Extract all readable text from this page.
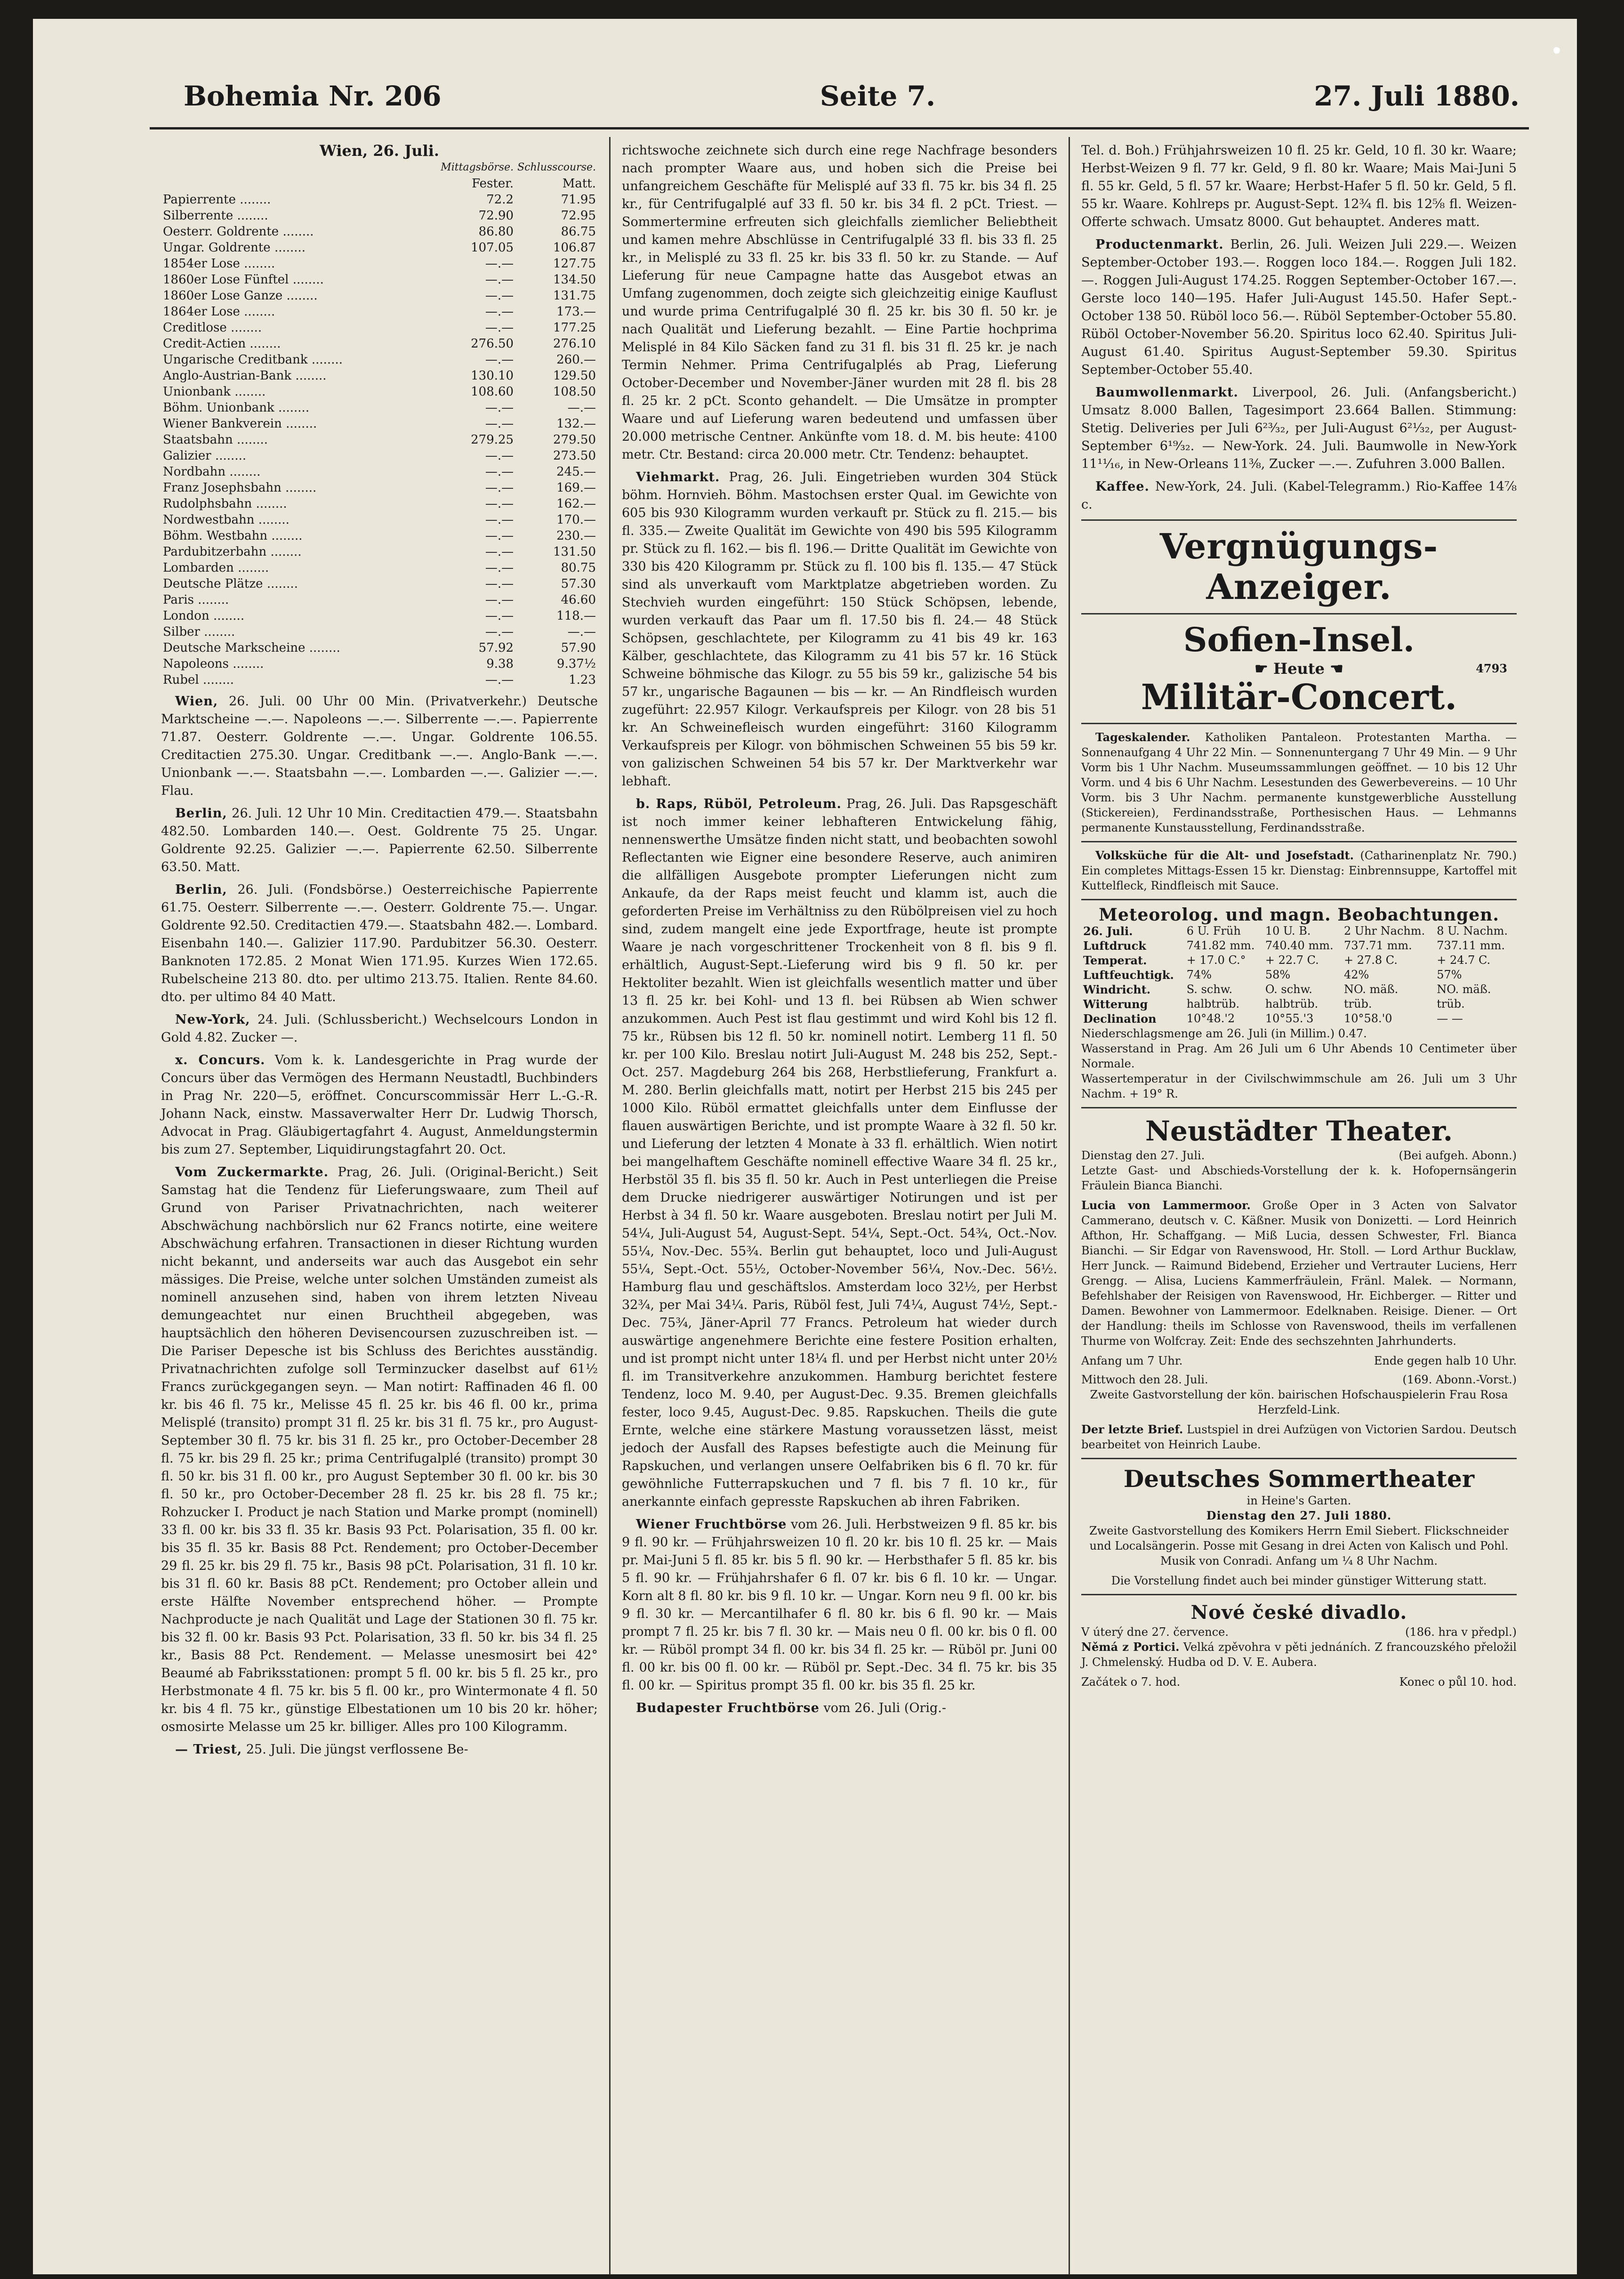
Bohemia Nr. 206	Seite 7.	27. Juli 1880.
Wien, 26. Juli.
	Mittagsbörse.	Schlusscourse.
	Fester.	Matt.
Papierrente ........	72.2	71.95
Silberrente ........	72.90	72.95
Oesterr. Goldrente ........	86.80	86.75
Ungar. Goldrente ........	107.05	106.87
1854er Lose ........	—.—	127.75
1860er Lose Fünftel ........	—.—	134.50
1860er Lose Ganze ........	—.—	131.75
1864er Lose ........	—.—	173.—
Creditlose ........	—.—	177.25
Credit-Actien ........	276.50	276.10
Ungarische Creditbank ........	—.—	260.—
Anglo-Austrian-Bank ........	130.10	129.50
Unionbank ........	108.60	108.50
Böhm. Unionbank ........	—.—	—.—
Wiener Bankverein ........	—.—	132.—
Staatsbahn ........	279.25	279.50
Galizier ........	—.—	273.50
Nordbahn ........	—.—	245.—
Franz Josephsbahn ........	—.—	169.—
Rudolphsbahn ........	—.—	162.—
Nordwestbahn ........	—.—	170.—
Böhm. Westbahn ........	—.—	230.—
Pardubitzerbahn ........	—.—	131.50
Lombarden ........	—.—	80.75
Deutsche Plätze ........	—.—	57.30
Paris ........	—.—	46.60
London ........	—.—	118.—
Silber ........	—.—	—.—
Deutsche Markscheine ........	57.92	57.90
Napoleons ........	9.38	9.37½
Rubel ........	—.—	1.23

Wien, 26. Juli. 00 Uhr 00 Min. (Privatverkehr.) Deutsche Marktscheine —.—. Napoleons —.—. Silberrente —.—. Papierrente 71.87. Oesterr. Goldrente —.—. Ungar. Goldrente 106.55. Creditactien 275.30. Ungar. Creditbank —.—. Anglo-Bank —.—. Unionbank —.—. Staatsbahn —.—. Lombarden —.—. Galizier —.—. Flau.

Berlin, 26. Juli. 12 Uhr 10 Min. Creditactien 479.—. Staatsbahn 482.50. Lombarden 140.—. Oest. Goldrente 75 25. Ungar. Goldrente 92.25. Galizier —.—. Papierrente 62.50. Silberrente 63.50. Matt.

Berlin, 26. Juli. (Fondsbörse.) Oesterreichische Papierrente 61.75. Oesterr. Silberrente —.—. Oesterr. Goldrente 75.—. Ungar. Goldrente 92.50. Creditactien 479.—. Staatsbahn 482.—. Lombard. Eisenbahn 140.—. Galizier 117.90. Pardubitzer 56.30. Oesterr. Banknoten 172.85. 2 Monat Wien 171.95. Kurzes Wien 172.65. Rubelscheine 213 80. dto. per ultimo 213.75. Italien. Rente 84.60. dto. per ultimo 84 40 Matt.

New-York, 24. Juli. (Schlussbericht.) Wechselcours London in Gold 4.82. Zucker —.

x. Concurs. Vom k. k. Landesgerichte in Prag wurde der Concurs über das Vermögen des Hermann Neustadtl, Buchbinders in Prag Nr. 220—5, eröffnet. Concurscommissär Herr L.-G.-R. Johann Nack, einstw. Massaverwalter Herr Dr. Ludwig Thorsch, Advocat in Prag. Gläubigertagfahrt 4. August, Anmeldungstermin bis zum 27. September, Liquidirungstagfahrt 20. Oct.

Vom Zuckermarkte. Prag, 26. Juli. (Original-Bericht.) Seit Samstag hat die Tendenz für Lieferungswaare, zum Theil auf Grund von Pariser Privatnachrichten, nach weiterer Abschwächung nachbörslich nur 62 Francs notirte, eine weitere Abschwächung erfahren. Transactionen in dieser Richtung wurden nicht bekannt, und anderseits war auch das Ausgebot ein sehr mässiges. Die Preise, welche unter solchen Umständen zumeist als nominell anzusehen sind, haben von ihrem letzten Niveau demungeachtet nur einen Bruchtheil abgegeben, was hauptsächlich den höheren Devisencoursen zuzuschreiben ist. — Die Pariser Depesche ist bis Schluss des Berichtes ausständig. Privatnachrichten zufolge soll Terminzucker daselbst auf 61½ Francs zurückgegangen seyn. — Man notirt: Raffinaden 46 fl. 00 kr. bis 46 fl. 75 kr., Melisse 45 fl. 25 kr. bis 46 fl. 00 kr., prima Melisplé (transito) prompt 31 fl. 25 kr. bis 31 fl. 75 kr., pro August-September 30 fl. 75 kr. bis 31 fl. 25 kr., pro October-December 28 fl. 75 kr. bis 29 fl. 25 kr.; prima Centrifugalplé (transito) prompt 30 fl. 50 kr. bis 31 fl. 00 kr., pro August September 30 fl. 00 kr. bis 30 fl. 50 kr., pro October-December 28 fl. 25 kr. bis 28 fl. 75 kr.; Rohzucker I. Product je nach Station und Marke prompt (nominell) 33 fl. 00 kr. bis 33 fl. 35 kr. Basis 93 Pct. Polarisation, 35 fl. 00 kr. bis 35 fl. 35 kr. Basis 88 Pct. Rendement; pro October-December 29 fl. 25 kr. bis 29 fl. 75 kr., Basis 98 pCt. Polarisation, 31 fl. 10 kr. bis 31 fl. 60 kr. Basis 88 pCt. Rendement; pro October allein und erste Hälfte November entsprechend höher. — Prompte Nachproducte je nach Qualität und Lage der Stationen 30 fl. 75 kr. bis 32 fl. 00 kr. Basis 93 Pct. Polarisation, 33 fl. 50 kr. bis 34 fl. 25 kr., Basis 88 Pct. Rendement. — Melasse unesmosirt bei 42° Beaumé ab Fabriksstationen: prompt 5 fl. 00 kr. bis 5 fl. 25 kr., pro Herbstmonate 4 fl. 75 kr. bis 5 fl. 00 kr., pro Wintermonate 4 fl. 50 kr. bis 4 fl. 75 kr., günstige Elbestationen um 10 bis 20 kr. höher; osmosirte Melasse um 25 kr. billiger. Alles pro 100 Kilogramm.

— Triest, 25. Juli. Die jüngst verflossene Be-

richtswoche zeichnete sich durch eine rege Nachfrage besonders nach prompter Waare aus, und hoben sich die Preise bei unfangreichem Geschäfte für Melisplé auf 33 fl. 75 kr. bis 34 fl. 25 kr., für Centrifugalplé auf 33 fl. 50 kr. bis 34 fl. 2 pCt. Triest. — Sommertermine erfreuten sich gleichfalls ziemlicher Beliebtheit und kamen mehre Abschlüsse in Centrifugalplé 33 fl. bis 33 fl. 25 kr., in Melisplé zu 33 fl. 25 kr. bis 33 fl. 50 kr. zu Stande. — Auf Lieferung für neue Campagne hatte das Ausgebot etwas an Umfang zugenommen, doch zeigte sich gleichzeitig einige Kauflust und wurde prima Centrifugalplé 30 fl. 25 kr. bis 30 fl. 50 kr. je nach Qualität und Lieferung bezahlt. — Eine Partie hochprima Melisplé in 84 Kilo Säcken fand zu 31 fl. bis 31 fl. 25 kr. je nach Termin Nehmer. Prima Centrifugalplés ab Prag, Lieferung October-December und November-Jäner wurden mit 28 fl. bis 28 fl. 25 kr. 2 pCt. Sconto gehandelt. — Die Umsätze in prompter Waare und auf Lieferung waren bedeutend und umfassen über 20.000 metrische Centner. Ankünfte vom 18. d. M. bis heute: 4100 metr. Ctr. Bestand: circa 20.000 metr. Ctr. Tendenz: behauptet.

Viehmarkt. Prag, 26. Juli. Eingetrieben wurden 304 Stück böhm. Hornvieh. Böhm. Mastochsen erster Qual. im Gewichte von 605 bis 930 Kilogramm wurden verkauft pr. Stück zu fl. 215.— bis fl. 335.— Zweite Qualität im Gewichte von 490 bis 595 Kilogramm pr. Stück zu fl. 162.— bis fl. 196.— Dritte Qualität im Gewichte von 330 bis 420 Kilogramm pr. Stück zu fl. 100 bis fl. 135.— 47 Stück sind als unverkauft vom Marktplatze abgetrieben worden. Zu Stechvieh wurden eingeführt: 150 Stück Schöpsen, lebende, wurden verkauft das Paar um fl. 17.50 bis fl. 24.— 48 Stück Schöpsen, geschlachtete, per Kilogramm zu 41 bis 49 kr. 163 Kälber, geschlachtete, das Kilogramm zu 41 bis 57 kr. 16 Stück Schweine böhmische das Kilogr. zu 55 bis 59 kr., galizische 54 bis 57 kr., ungarische Bagaunen — bis — kr. — An Rindfleisch wurden zugeführt: 22.957 Kilogr. Verkaufspreis per Kilogr. von 28 bis 51 kr. An Schweinefleisch wurden eingeführt: 3160 Kilogramm Verkaufspreis per Kilogr. von böhmischen Schweinen 55 bis 59 kr. von galizischen Schweinen 54 bis 57 kr. Der Marktverkehr war lebhaft.

b. Raps, Rüböl, Petroleum. Prag, 26. Juli. Das Rapsgeschäft ist noch immer keiner lebhafteren Entwickelung fähig, nennenswerthe Umsätze finden nicht statt, und beobachten sowohl Reflectanten wie Eigner eine besondere Reserve, auch animiren die allfälligen Ausgebote prompter Lieferungen nicht zum Ankaufe, da der Raps meist feucht und klamm ist, auch die geforderten Preise im Verhältniss zu den Rübölpreisen viel zu hoch sind, zudem mangelt eine jede Exportfrage, heute ist prompte Waare je nach vorgeschrittener Trockenheit von 8 fl. bis 9 fl. erhältlich, August-Sept.-Lieferung wird bis 9 fl. 50 kr. per Hektoliter bezahlt. Wien ist gleichfalls wesentlich matter und über 13 fl. 25 kr. bei Kohl- und 13 fl. bei Rübsen ab Wien schwer anzukommen. Auch Pest ist flau gestimmt und wird Kohl bis 12 fl. 75 kr., Rübsen bis 12 fl. 50 kr. nominell notirt. Lemberg 11 fl. 50 kr. per 100 Kilo. Breslau notirt Juli-August M. 248 bis 252, Sept.-Oct. 257. Magdeburg 264 bis 268, Herbstlieferung, Frankfurt a. M. 280. Berlin gleichfalls matt, notirt per Herbst 215 bis 245 per 1000 Kilo. Rüböl ermattet gleichfalls unter dem Einflusse der flauen auswärtigen Berichte, und ist prompte Waare à 32 fl. 50 kr. und Lieferung der letzten 4 Monate à 33 fl. erhältlich. Wien notirt bei mangelhaftem Geschäfte nominell effective Waare 34 fl. 25 kr., Herbstöl 35 fl. bis 35 fl. 50 kr. Auch in Pest unterliegen die Preise dem Drucke niedrigerer auswärtiger Notirungen und ist per Herbst à 34 fl. 50 kr. Waare ausgeboten. Breslau notirt per Juli M. 54¼, Juli-August 54, August-Sept. 54¼, Sept.-Oct. 54¾, Oct.-Nov. 55¼, Nov.-Dec. 55¾. Berlin gut behauptet, loco und Juli-August 55¼, Sept.-Oct. 55½, October-November 56¼, Nov.-Dec. 56½. Hamburg flau und geschäftslos. Amsterdam loco 32½, per Herbst 32¾, per Mai 34¼. Paris, Rüböl fest, Juli 74¼, August 74½, Sept.-Dec. 75¾, Jäner-April 77 Francs. Petroleum hat wieder durch auswärtige angenehmere Berichte eine festere Position erhalten, und ist prompt nicht unter 18¼ fl. und per Herbst nicht unter 20½ fl. im Transitverkehre anzukommen. Hamburg berichtet festere Tendenz, loco M. 9.40, per August-Dec. 9.35. Bremen gleichfalls fester, loco 9.45, August-Dec. 9.85. Rapskuchen. Theils die gute Ernte, welche eine stärkere Mastung voraussetzen lässt, meist jedoch der Ausfall des Rapses befestigte auch die Meinung für Rapskuchen, und verlangen unsere Oelfabriken bis 6 fl. 70 kr. für gewöhnliche Futterrapskuchen und 7 fl. bis 7 fl. 10 kr., für anerkannte einfach gepresste Rapskuchen ab ihren Fabriken.

Wiener Fruchtbörse vom 26. Juli. Herbstweizen 9 fl. 85 kr. bis 9 fl. 90 kr. — Frühjahrsweizen 10 fl. 20 kr. bis 10 fl. 25 kr. — Mais pr. Mai-Juni 5 fl. 85 kr. bis 5 fl. 90 kr. — Herbsthafer 5 fl. 85 kr. bis 5 fl. 90 kr. — Frühjahrshafer 6 fl. 07 kr. bis 6 fl. 10 kr. — Ungar. Korn alt 8 fl. 80 kr. bis 9 fl. 10 kr. — Ungar. Korn neu 9 fl. 00 kr. bis 9 fl. 30 kr. — Mercantilhafer 6 fl. 80 kr. bis 6 fl. 90 kr. — Mais prompt 7 fl. 25 kr. bis 7 fl. 30 kr. — Mais neu 0 fl. 00 kr. bis 0 fl. 00 kr. — Rüböl prompt 34 fl. 00 kr. bis 34 fl. 25 kr. — Rüböl pr. Juni 00 fl. 00 kr. bis 00 fl. 00 kr. — Rüböl pr. Sept.-Dec. 34 fl. 75 kr. bis 35 fl. 00 kr. — Spiritus prompt 35 fl. 00 kr. bis 35 fl. 25 kr.

Budapester Fruchtbörse vom 26. Juli (Orig.-

Tel. d. Boh.) Frühjahrsweizen 10 fl. 25 kr. Geld, 10 fl. 30 kr. Waare; Herbst-Weizen 9 fl. 77 kr. Geld, 9 fl. 80 kr. Waare; Mais Mai-Juni 5 fl. 55 kr. Geld, 5 fl. 57 kr. Waare; Herbst-Hafer 5 fl. 50 kr. Geld, 5 fl. 55 kr. Waare. Kohlreps pr. August-Sept. 12¾ fl. bis 12⅝ fl. Weizen-Offerte schwach. Umsatz 8000. Gut behauptet. Anderes matt.

Productenmarkt. Berlin, 26. Juli. Weizen Juli 229.—. Weizen September-October 193.—. Roggen loco 184.—. Roggen Juli 182.—. Roggen Juli-August 174.25. Roggen September-October 167.—. Gerste loco 140—195. Hafer Juli-August 145.50. Hafer Sept.-October 138 50. Rüböl loco 56.—. Rüböl September-October 55.80. Rüböl October-November 56.20. Spiritus loco 62.40. Spiritus Juli-August 61.40. Spiritus August-September 59.30. Spiritus September-October 55.40.

Baumwollenmarkt. Liverpool, 26. Juli. (Anfangsbericht.) Umsatz 8.000 Ballen, Tagesimport 23.664 Ballen. Stimmung: Stetig. Deliveries per Juli 6²³⁄₃₂, per Juli-August 6²¹⁄₃₂, per August-September 6¹⁹⁄₃₂. — New-York. 24. Juli. Baumwolle in New-York 11¹¹⁄₁₆, in New-Orleans 11⅜, Zucker —.—. Zufuhren 3.000 Ballen.

Kaffee. New-York, 24. Juli. (Kabel-Telegramm.) Rio-Kaffee 14⅞ c.

Vergnügungs-Anzeiger.
Sofien-Insel.
☛ Heute ☚	4793
Militär-Concert.

Tageskalender. Katholiken Pantaleon. Protestanten Martha. — Sonnenaufgang 4 Uhr 22 Min. — Sonnenuntergang 7 Uhr 49 Min. — 9 Uhr Vorm bis 1 Uhr Nachm. Museumssammlungen geöffnet. — 10 bis 12 Uhr Vorm. und 4 bis 6 Uhr Nachm. Lesestunden des Gewerbevereins. — 10 Uhr Vorm. bis 3 Uhr Nachm. permanente kunstgewerbliche Ausstellung (Stickereien), Ferdinandsstraße, Porthesischen Haus. — Lehmanns permanente Kunstausstellung, Ferdinandsstraße.

Volksküche für die Alt- und Josefstadt. (Catharinenplatz Nr. 790.) Ein completes Mittags-Essen 15 kr. Dienstag: Einbrennsuppe, Kartoffel mit Kuttelfleck, Rindfleisch mit Sauce.

Meteorolog. und magn. Beobachtungen.
26. Juli.	6 U. Früh	10 U. B.	2 Uhr Nachm.	8 U. Nachm.
Luftdruck	741.82 mm.	740.40 mm.	737.71 mm.	737.11 mm.
Temperat.	+ 17.0 C.°	+ 22.7 C.	+ 27.8 C.	+ 24.7 C.
Luftfeuchtigk.	74%	58%	42%	57%
Windricht.	S. schw.	O. schw.	NO. mäß.	NO. mäß.
Witterung	halbtrüb.	halbtrüb.	trüb.	trüb.
Declination	10°48.'2	10°55.'3	10°58.'0	— —
Niederschlagsmenge am 26. Juli (in Millim.) 0.47.
Wasserstand in Prag. Am 26 Juli um 6 Uhr Abends 10 Centimeter über Normale.
Wassertemperatur in der Civilschwimmschule am 26. Juli um 3 Uhr Nachm. + 19° R.
Neustädter Theater.
Dienstag den 27. Juli.	(Bei aufgeh. Abonn.)

Letzte Gast- und Abschieds-Vorstellung der k. k. Hofopernsängerin Fräulein Bianca Bianchi.

Lucia von Lammermoor. Große Oper in 3 Acten von Salvator Cammerano, deutsch v. C. Käßner. Musik von Donizetti. — Lord Heinrich Afthon, Hr. Schaffgang. — Miß Lucia, dessen Schwester, Frl. Bianca Bianchi. — Sir Edgar von Ravenswood, Hr. Stoll. — Lord Arthur Bucklaw, Herr Junck. — Raimund Bidebend, Erzieher und Vertrauter Luciens, Herr Grengg. — Alisa, Luciens Kammerfräulein, Fränl. Malek. — Normann, Befehlshaber der Reisigen von Ravenswood, Hr. Eichberger. — Ritter und Damen. Bewohner von Lammermoor. Edelknaben. Reisige. Diener. — Ort der Handlung: theils im Schlosse von Ravenswood, theils im verfallenen Thurme von Wolfcray. Zeit: Ende des sechszehnten Jahrhunderts.

Anfang um 7 Uhr.	Ende gegen halb 10 Uhr.
Mittwoch den 28. Juli.	(169. Abonn.-Vorst.)

Zweite Gastvorstellung der kön. bairischen Hofschauspielerin Frau Rosa Herzfeld-Link.

Der letzte Brief. Lustspiel in drei Aufzügen von Victorien Sardou. Deutsch bearbeitet von Heinrich Laube.

Deutsches Sommertheater
in Heine's Garten.
Dienstag den 27. Juli 1880.

Zweite Gastvorstellung des Komikers Herrn Emil Siebert. Flickschneider und Localsängerin. Posse mit Gesang in drei Acten von Kalisch und Pohl. Musik von Conradi. Anfang um ¼ 8 Uhr Nachm.

Die Vorstellung findet auch bei minder günstiger Witterung statt.

Nové české divadlo.
V úterý dne 27. července.	(186. hra v předpl.)

Němá z Portici. Velká zpěvohra v pěti jednáních. Z francouzského přeložil J. Chmelenský. Hudba od D. V. E. Aubera.

Začátek o 7. hod.	Konec o půl 10. hod.
